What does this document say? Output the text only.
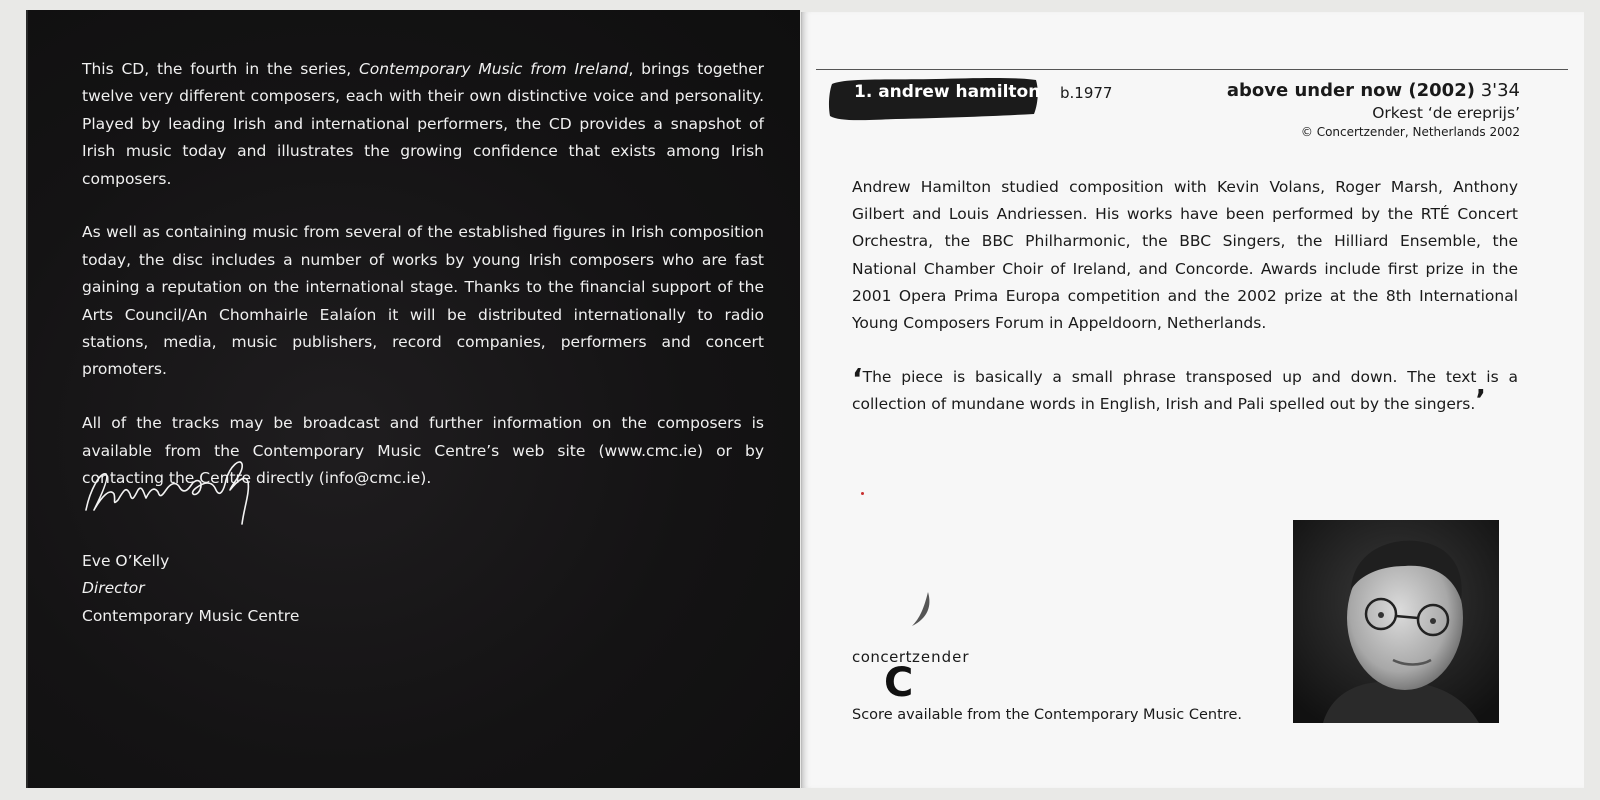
This CD, the fourth in the series, Contemporary Music from Ireland, brings together twelve very different composers, each with their own distinctive voice and personality. Played by leading Irish and international performers, the CD provides a snapshot of Irish music today and illustrates the growing confidence that exists among Irish composers.

As well as containing music from several of the established figures in Irish composition today, the disc includes a number of works by young Irish composers who are fast gaining a reputation on the international stage. Thanks to the financial support of the Arts Council/An Chomhairle Ealaíon it will be distributed internationally to radio stations, media, music publishers, record companies, performers and concert promoters.

All of the tracks may be broadcast and further information on the composers is available from the Contemporary Music Centre’s web site (www.cmc.ie) or by contacting the Centre directly (info@cmc.ie).

Eve O’Kelly
Director
Contemporary Music Centre
1. andrew hamilton b.1977	above under now (2002) 3'34
Orkest ‘de ereprijs’
© Concertzender, Netherlands 2002
Andrew Hamilton studied composition with Kevin Volans, Roger Marsh, Anthony Gilbert and Louis Andriessen. His works have been performed by the RTÉ Concert Orchestra, the BBC Philharmonic, the BBC Singers, the Hilliard Ensemble, the National Chamber Choir of Ireland, and Concorde. Awards include first prize in the 2001 Opera Prima Europa competition and the 2002 prize at the 8th International Young Composers Forum in Appeldoorn, Netherlands.
‘The piece is basically a small phrase transposed up and down. The text is a collection of mundane words in English, Irish and Pali spelled out by the singers.’
C
concertzender
Score available from the Contemporary Music Centre.
